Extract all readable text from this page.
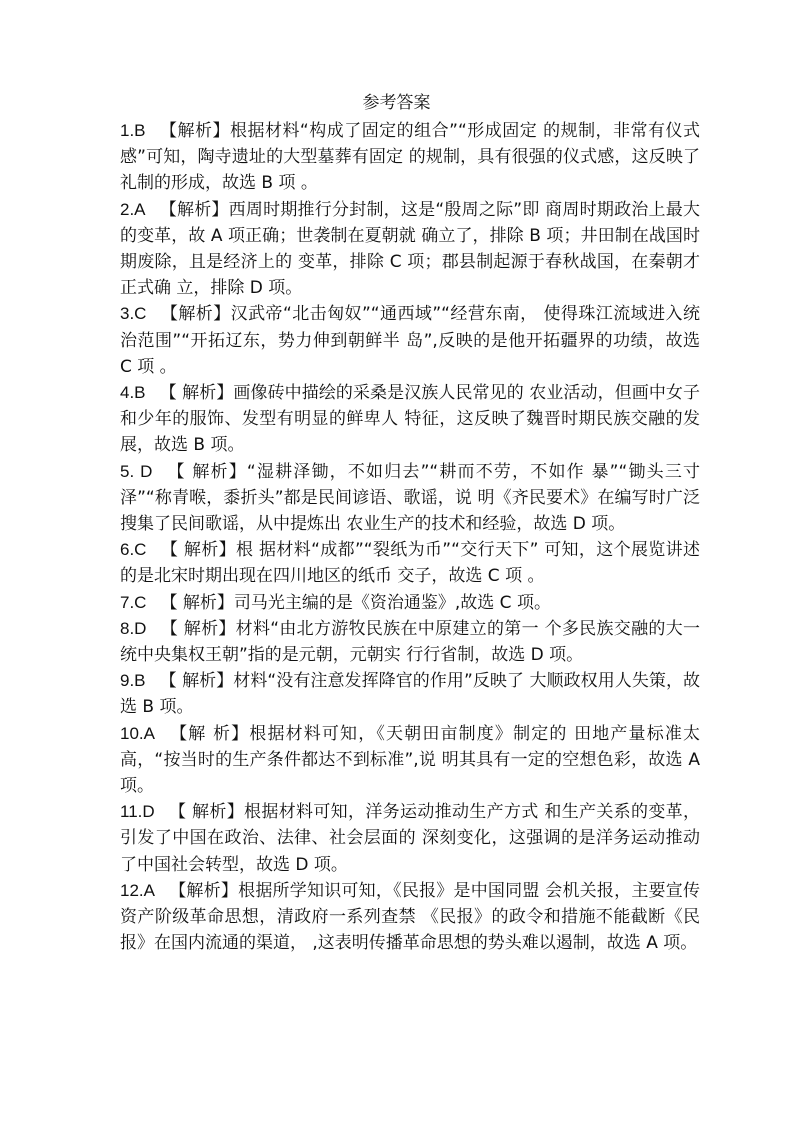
参考答案

1.B 【解析】根据材料“构成了固定的组合”“形成固定 的规制，非常有仪式感”可知，陶寺遗址的大型墓葬有固定 的规制，具有很强的仪式感，这反映了礼制的形成，故选 B 项 。

2.A 【解析】西周时期推行分封制，这是“殷周之际”即 商周时期政治上最大的变革，故 A 项正确；世袭制在夏朝就 确立了，排除 B 项；井田制在战国时期废除，且是经济上的 变革，排除 C 项；郡县制起源于春秋战国，在秦朝才正式确 立，排除 D 项。

3.C 【解析】汉武帝“北击匈奴”“通西域”“经营东南， 使得珠江流域进入统治范围”“开拓辽东，势力伸到朝鲜半 岛”,反映的是他开拓疆界的功绩，故选 C 项 。

4.B 【 解析】画像砖中描绘的采桑是汉族人民常见的 农业活动，但画中女子和少年的服饰、发型有明显的鲜卑人 特征，这反映了魏晋时期民族交融的发展，故选 B 项。

5. D 【 解析】“湿耕泽锄，不如归去”“耕而不劳，不如作 暴”“锄头三寸泽”“称青喉，黍折头”都是民间谚语、歌谣，说 明《齐民要术》在编写时广泛搜集了民间歌谣，从中提炼出 农业生产的技术和经验，故选 D 项。

6.C 【 解析】根 据材料“成都”“裂纸为币”“交行天下” 可知，这个展览讲述的是北宋时期出现在四川地区的纸币 交子，故选 C 项 。

7.C 【 解析】司马光主编的是《资治通鉴》,故选 C 项。

8.D 【 解析】材料“由北方游牧民族在中原建立的第一 个多民族交融的大一统中央集权王朝”指的是元朝，元朝实 行行省制，故选 D 项。

9.B 【 解析】材料“没有注意发挥降官的作用”反映了 大顺政权用人失策，故选 B 项。

10.A 【解 析】根据材料可知，《天朝田亩制度》制定的 田地产量标准太高，“按当时的生产条件都达不到标准”,说 明其具有一定的空想色彩，故选 A 项。

11.D 【 解析】根据材料可知，洋务运动推动生产方式 和生产关系的变革，引发了中国在政治、法律、社会层面的 深刻变化，这强调的是洋务运动推动了中国社会转型，故选 D 项。

12.A 【解析】根据所学知识可知，《民报》是中国同盟 会机关报，主要宣传资产阶级革命思想，清政府一系列查禁 《民报》的政令和措施不能截断《民报》在国内流通的渠道， ,这表明传播革命思想的势头难以遏制，故选 A 项。
